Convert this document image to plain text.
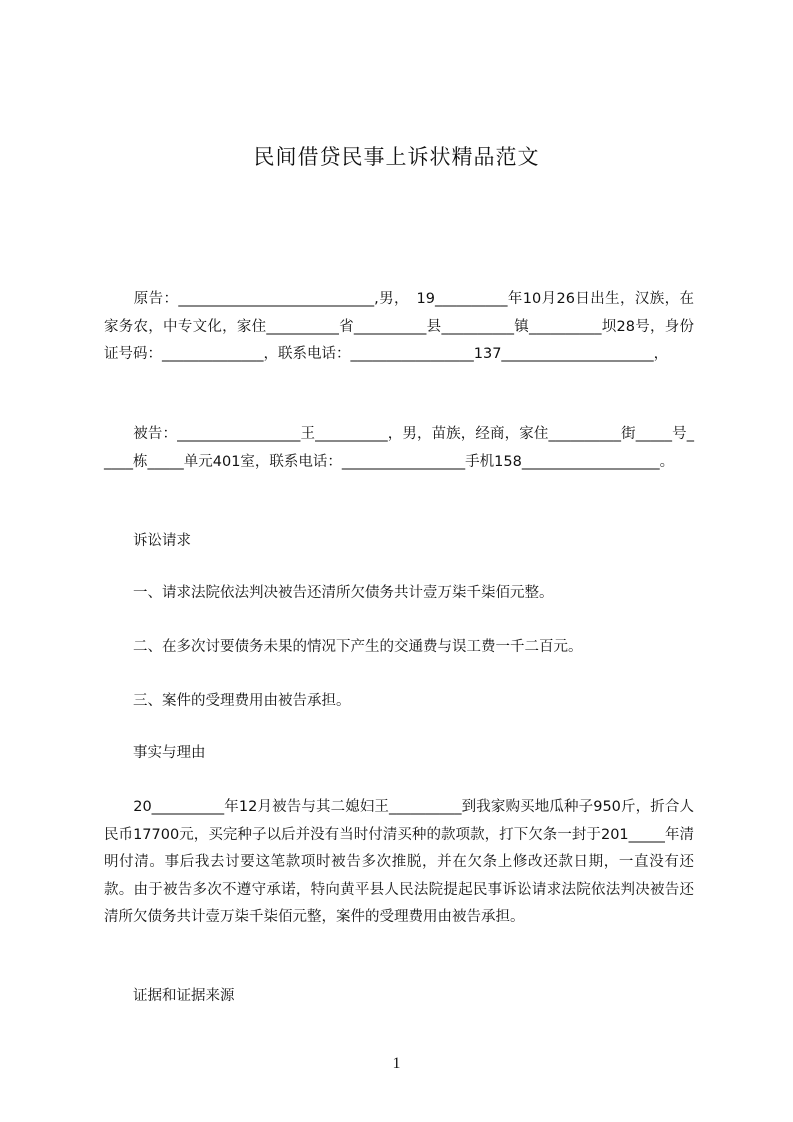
民间借贷民事上诉状精品范文

　　原告：___________________________,男，　19__________年10月26日出生，汉族，在家务农，中专文化，家住__________省__________县__________镇__________坝28号，身份证号码：______________，联系电话：_________________137_____________________，

　　被告：_________________王__________，男，苗族，经商，家住__________街_____号_____栋_____单元401室，联系电话：_________________手机158___________________。

　　诉讼请求

　　一、请求法院依法判决被告还清所欠债务共计壹万柒千柒佰元整。

　　二、在多次讨要债务未果的情况下产生的交通费与误工费一千二百元。

　　三、案件的受理费用由被告承担。

　　事实与理由

　　20__________年12月被告与其二媳妇王__________到我家购买地瓜种子950斤，折合人民币17700元，买完种子以后并没有当时付清买种的款项款，打下欠条一封于201_____年清明付清。事后我去讨要这笔款项时被告多次推脱，并在欠条上修改还款日期，一直没有还款。由于被告多次不遵守承诺，特向黄平县人民法院提起民事诉讼请求法院依法判决被告还清所欠债务共计壹万柒千柒佰元整，案件的受理费用由被告承担。

　　证据和证据来源

1
